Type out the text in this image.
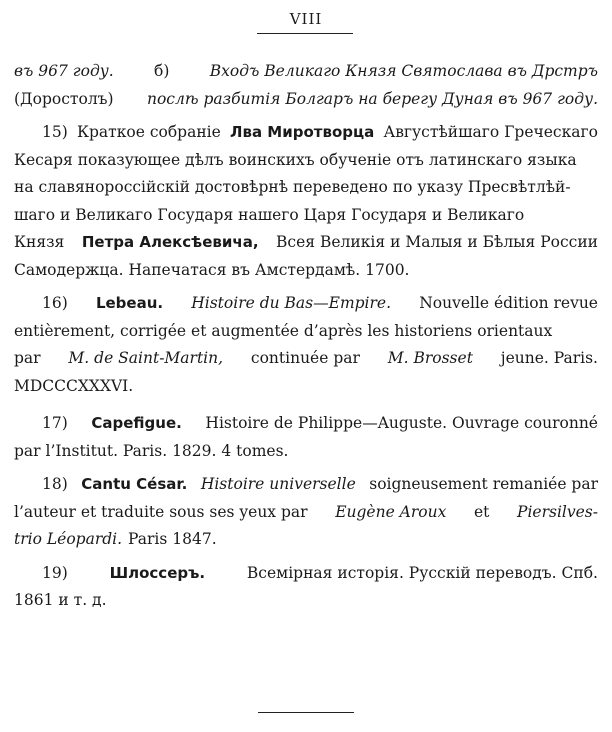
VIII
въ 967 году.	б)	Входъ Великаго Князя Святослава въ Дрстръ
(Доростолъ) послѣ разбитія Болгаръ на берегу Дуная въ 967 году.
15) Краткое собраніе Лва Миротворца Августѣйшаго Греческаго
Кесаря показующее дѣлъ воинскихъ обученіе отъ латинскаго языка
на славянороссійскій достовѣрнѣ переведено по указу Пресвѣтлѣй-
шаго и Великаго Государя нашего Царя Государя и Великаго
Князя Петра Алексѣевича, Всея Великія и Малыя и Бѣлыя России
Самодержца. Напечатася въ Амстердамѣ. 1700.
16) Lebeau. Histoire du Bas—Empire. Nouvelle édition revue
entièrement, corrigée et augmentée d’après les historiens orientaux
par M. de Saint-Martin, continuée par M. Brosset jeune. Paris.
MDCCCXXXVI.
17) Capefigue. Histoire de Philippe—Auguste. Ouvrage couronné
par l’Institut. Paris. 1829. 4 tomes.
18) Cantu César. Histoire universelle soigneusement remaniée par
l’auteur et traduite sous ses yeux par Eugène Aroux et Piersilves-
trio Léopardi. Paris 1847.
19)	Шлоссеръ.	Всемірная исторія. Русскій переводъ. Спб.
1861 и т. д.
